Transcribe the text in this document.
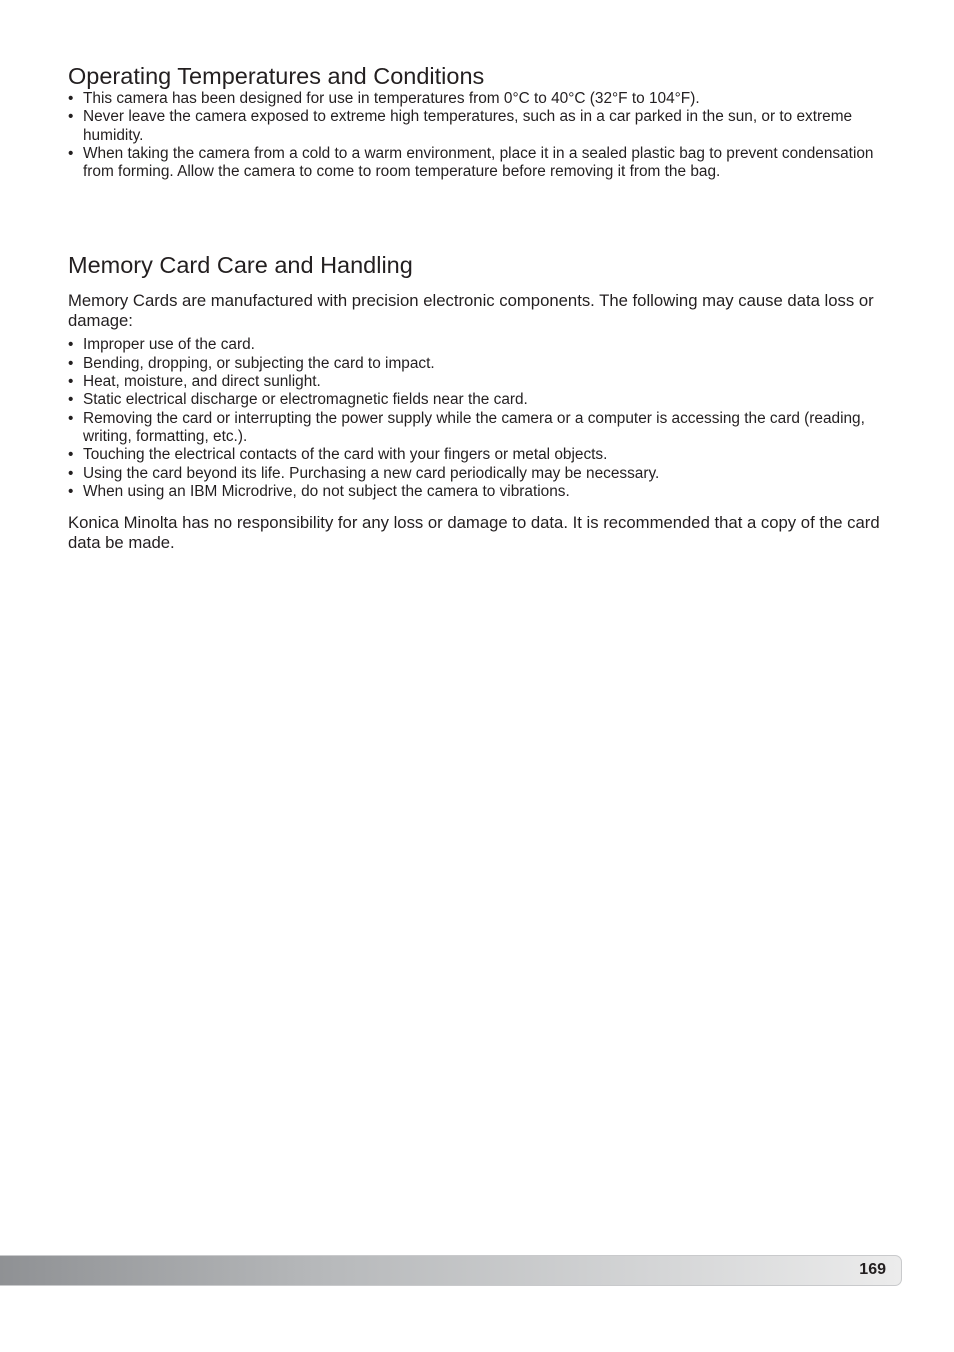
Operating Temperatures and Conditions
• This camera has been designed for use in temperatures from 0°C to 40°C (32°F to 104°F).
• Never leave the camera exposed to extreme high temperatures, such as in a car parked in the sun, or to extreme humidity.
• When taking the camera from a cold to a warm environment, place it in a sealed plastic bag to prevent condensation from forming. Allow the camera to come to room temperature before removing it from the bag.
Memory Card Care and Handling

Memory Cards are manufactured with precision electronic components. The following may cause data loss or damage:

• Improper use of the card.
• Bending, dropping, or subjecting the card to impact.
• Heat, moisture, and direct sunlight.
• Static electrical discharge or electromagnetic fields near the card.
• Removing the card or interrupting the power supply while the camera or a computer is accessing the card (reading, writing, formatting, etc.).
• Touching the electrical contacts of the card with your fingers or metal objects.
• Using the card beyond its life. Purchasing a new card periodically may be necessary.
• When using an IBM Microdrive, do not subject the camera to vibrations.

Konica Minolta has no responsibility for any loss or damage to data. It is recommended that a copy of the card data be made.

169
